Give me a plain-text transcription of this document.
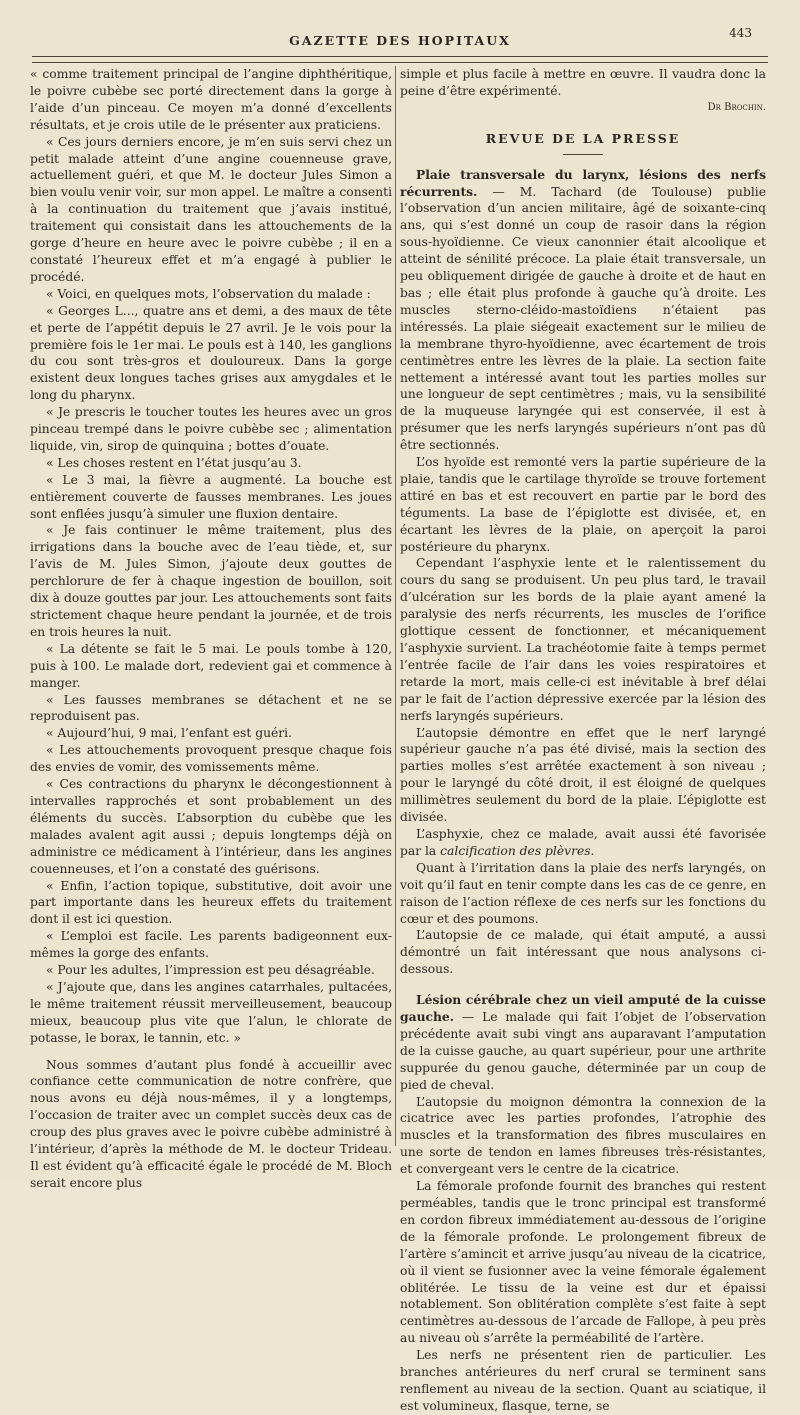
GAZETTE DES HOPITAUX	443

« comme traitement principal de l’angine diphthéritique, le poivre cubèbe sec porté directement dans la gorge à l’aide d’un pinceau. Ce moyen m’a donné d’excellents résultats, et je crois utile de le présenter aux praticiens.

« Ces jours derniers encore, je m’en suis servi chez un petit malade atteint d’une angine couenneuse grave, actuellement guéri, et que M. le docteur Jules Simon a bien voulu venir voir, sur mon appel. Le maître a consenti à la continuation du traitement que j’avais institué, traitement qui consistait dans les attouchements de la gorge d’heure en heure avec le poivre cubèbe ; il en a constaté l’heureux effet et m’a engagé à publier le procédé.

« Voici, en quelques mots, l’observation du malade :

« Georges L..., quatre ans et demi, a des maux de tête et perte de l’appétit depuis le 27 avril. Je le vois pour la première fois le 1er mai. Le pouls est à 140, les ganglions du cou sont très-gros et douloureux. Dans la gorge existent deux longues taches grises aux amygdales et le long du pharynx.

« Je prescris le toucher toutes les heures avec un gros pinceau trempé dans le poivre cubèbe sec ; alimentation liquide, vin, sirop de quinquina ; bottes d’ouate.

« Les choses restent en l’état jusqu’au 3.

« Le 3 mai, la fièvre a augmenté. La bouche est entièrement couverte de fausses membranes. Les joues sont enflées jusqu’à simuler une fluxion dentaire.

« Je fais continuer le même traitement, plus des irrigations dans la bouche avec de l’eau tiède, et, sur l’avis de M. Jules Simon, j’ajoute deux gouttes de perchlorure de fer à chaque ingestion de bouillon, soit dix à douze gouttes par jour. Les attouchements sont faits strictement chaque heure pendant la journée, et de trois en trois heures la nuit.

« La détente se fait le 5 mai. Le pouls tombe à 120, puis à 100. Le malade dort, redevient gai et commence à manger.

« Les fausses membranes se détachent et ne se reproduisent pas.

« Aujourd’hui, 9 mai, l’enfant est guéri.

« Les attouchements provoquent presque chaque fois des envies de vomir, des vomissements même.

« Ces contractions du pharynx le décongestionnent à intervalles rapprochés et sont probablement un des éléments du succès. L’absorption du cubèbe que les malades avalent agit aussi ; depuis longtemps déjà on administre ce médicament à l’intérieur, dans les angines couenneuses, et l’on a constaté des guérisons.

« Enfin, l’action topique, substitutive, doit avoir une part importante dans les heureux effets du traitement dont il est ici question.

« L’emploi est facile. Les parents badigeonnent eux-mêmes la gorge des enfants.

« Pour les adultes, l’impression est peu désagréable.

« J’ajoute que, dans les angines catarrhales, pultacées, le même traitement réussit merveilleusement, beaucoup mieux, beaucoup plus vite que l’alun, le chlorate de potasse, le borax, le tannin, etc. »

Nous sommes d’autant plus fondé à accueillir avec confiance cette communication de notre confrère, que nous avons eu déjà nous-mêmes, il y a longtemps, l’occasion de traiter avec un complet succès deux cas de croup des plus graves avec le poivre cubèbe administré à l’intérieur, d’après la méthode de M. le docteur Trideau. Il est évident qu’à efficacité égale le procédé de M. Bloch serait encore plus

simple et plus facile à mettre en œuvre. Il vaudra donc la peine d’être expérimenté.

Dr Brochin.
REVUE DE LA PRESSE

Plaie transversale du larynx, lésions des nerfs récurrents. — M. Tachard (de Toulouse) publie l’observation d’un ancien militaire, âgé de soixante-cinq ans, qui s’est donné un coup de rasoir dans la région sous-hyoïdienne. Ce vieux canonnier était alcoolique et atteint de sénilité précoce. La plaie était transversale, un peu obliquement dirigée de gauche à droite et de haut en bas ; elle était plus profonde à gauche qu’à droite. Les muscles sterno-cléido-mastoïdiens n’étaient pas intéressés. La plaie siégeait exactement sur le milieu de la membrane thyro-hyoïdienne, avec écartement de trois centimètres entre les lèvres de la plaie. La section faite nettement a intéressé avant tout les parties molles sur une longueur de sept centimètres ; mais, vu la sensibilité de la muqueuse laryngée qui est conservée, il est à présumer que les nerfs laryngés supérieurs n’ont pas dû être sectionnés.

L’os hyoïde est remonté vers la partie supérieure de la plaie, tandis que le cartilage thyroïde se trouve fortement attiré en bas et est recouvert en partie par le bord des téguments. La base de l’épiglotte est divisée, et, en écartant les lèvres de la plaie, on aperçoit la paroi postérieure du pharynx.

Cependant l’asphyxie lente et le ralentissement du cours du sang se produisent. Un peu plus tard, le travail d’ulcération sur les bords de la plaie ayant amené la paralysie des nerfs récurrents, les muscles de l’orifice glottique cessent de fonctionner, et mécaniquement l’asphyxie survient. La trachéotomie faite à temps permet l’entrée facile de l’air dans les voies respiratoires et retarde la mort, mais celle-ci est inévitable à bref délai par le fait de l’action dépressive exercée par la lésion des nerfs laryngés supérieurs.

L’autopsie démontre en effet que le nerf laryngé supérieur gauche n’a pas été divisé, mais la section des parties molles s’est arrêtée exactement à son niveau ; pour le laryngé du côté droit, il est éloigné de quelques millimètres seulement du bord de la plaie. L’épiglotte est divisée.

L’asphyxie, chez ce malade, avait aussi été favorisée par la calcification des plèvres.

Quant à l’irritation dans la plaie des nerfs laryngés, on voit qu’il faut en tenir compte dans les cas de ce genre, en raison de l’action réflexe de ces nerfs sur les fonctions du cœur et des poumons.

L’autopsie de ce malade, qui était amputé, a aussi démontré un fait intéressant que nous analysons ci-dessous.

Lésion cérébrale chez un vieil amputé de la cuisse gauche. — Le malade qui fait l’objet de l’observation précédente avait subi vingt ans auparavant l’amputation de la cuisse gauche, au quart supérieur, pour une arthrite suppurée du genou gauche, déterminée par un coup de pied de cheval.

L’autopsie du moignon démontra la connexion de la cicatrice avec les parties profondes, l’atrophie des muscles et la transformation des fibres musculaires en une sorte de tendon en lames fibreuses très-résistantes, et convergeant vers le centre de la cicatrice.

La fémorale profonde fournit des branches qui restent perméables, tandis que le tronc principal est transformé en cordon fibreux immédiatement au-dessous de l’origine de la fémorale profonde. Le prolongement fibreux de l’artère s’amincit et arrive jusqu’au niveau de la cicatrice, où il vient se fusionner avec la veine fémorale également oblitérée. Le tissu de la veine est dur et épaissi notablement. Son oblitération complète s’est faite à sept centimètres au-dessous de l’arcade de Fallope, à peu près au niveau où s’arrête la perméabilité de l’artère.

Les nerfs ne présentent rien de particulier. Les branches antérieures du nerf crural se terminent sans renflement au niveau de la section. Quant au sciatique, il est volumineux, flasque, terne, se
